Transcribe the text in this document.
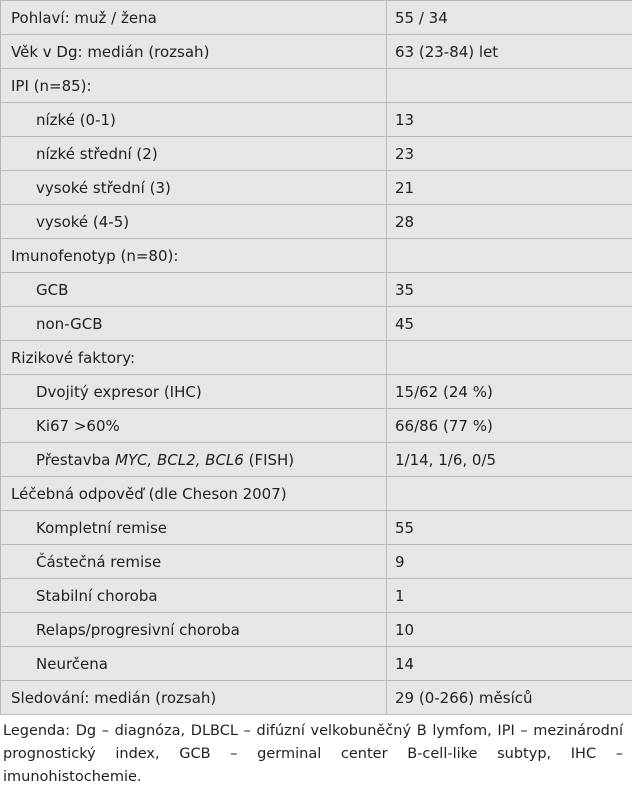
Pohlaví: muž / žena	55 / 34
Věk v Dg: medián (rozsah)	63 (23-84) let
IPI (n=85):	
nízké (0-1)	13
nízké střední (2)	23
vysoké střední (3)	21
vysoké (4-5)	28
Imunofenotyp (n=80):	
GCB	35
non-GCB	45
Rizikové faktory:	
Dvojitý expresor (IHC)	15/62 (24 %)
Ki67 >60%	66/86 (77 %)
Přestavba MYC, BCL2, BCL6 (FISH)	1/14, 1/6, 0/5
Léčebná odpověď (dle Cheson 2007)	
Kompletní remise	55
Částečná remise	9
Stabilní choroba	1
Relaps/progresivní choroba	10
Neurčena	14
Sledování: medián (rozsah)	29 (0-266) měsíců
Legenda: Dg – diagnóza, DLBCL – difúzní velkobuněčný B lymfom, IPI – mezinárodní prognostický index, GCB – germinal center B-cell-like subtyp, IHC – imunohistochemie.
